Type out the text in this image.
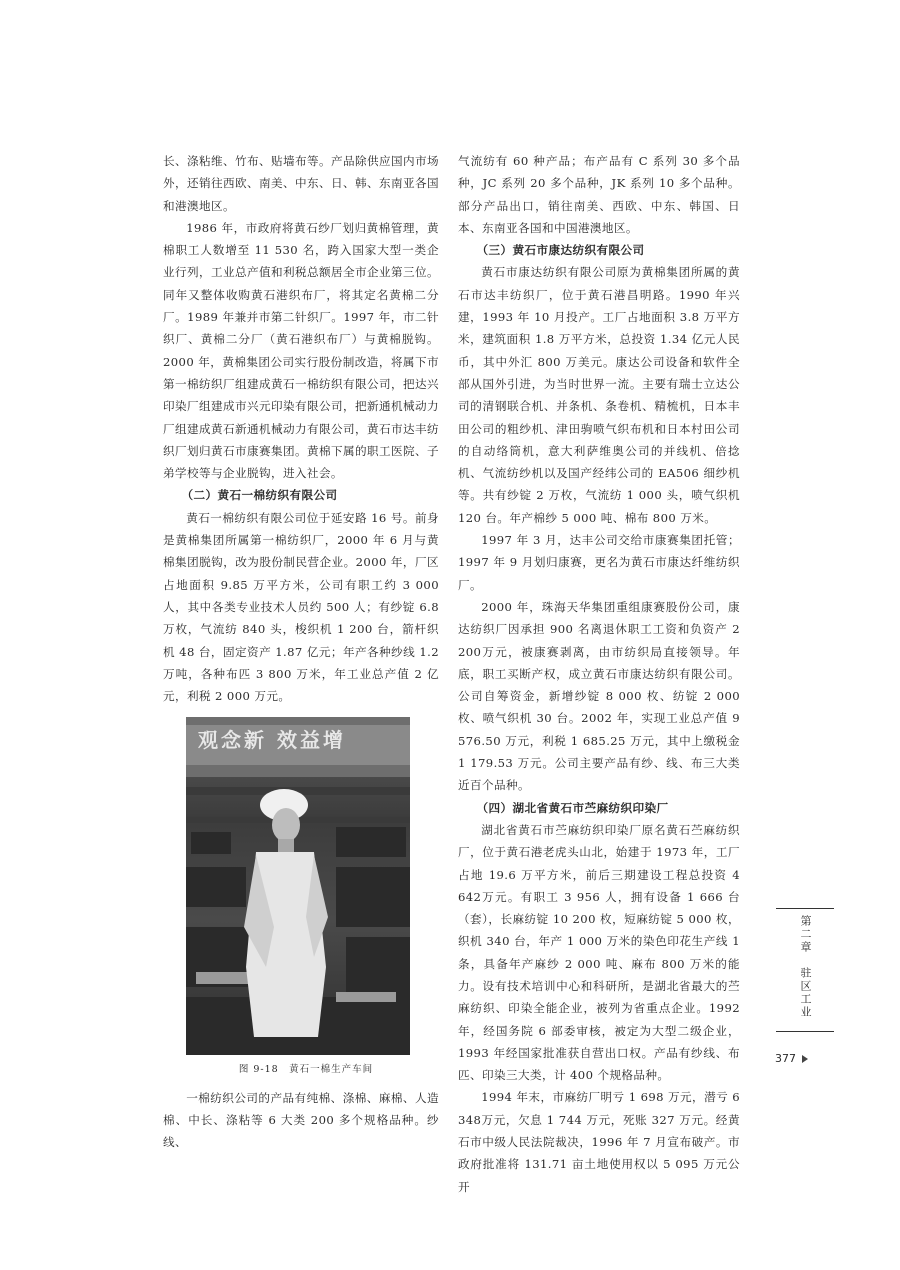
长、涤粘维、竹布、贴墙布等。产品除供应国内市场外，还销往西欧、南美、中东、日、韩、东南亚各国和港澳地区。

1986 年，市政府将黄石纱厂划归黄棉管理，黄棉职工人数增至 11 530 名，跨入国家大型一类企业行列，工业总产值和利税总额居全市企业第三位。同年又整体收购黄石港织布厂，将其定名黄棉二分厂。1989 年兼并市第二针织厂。1997 年，市二针织厂、黄棉二分厂（黄石港织布厂）与黄棉脱钩。2000 年，黄棉集团公司实行股份制改造，将属下市第一棉纺织厂组建成黄石一棉纺织有限公司，把达兴印染厂组建成市兴元印染有限公司，把新通机械动力厂组建成黄石新通机械动力有限公司，黄石市达丰纺织厂划归黄石市康赛集团。黄棉下属的职工医院、子弟学校等与企业脱钩，进入社会。

（二）黄石一棉纺织有限公司

黄石一棉纺织有限公司位于延安路 16 号。前身是黄棉集团所属第一棉纺织厂，2000 年 6 月与黄棉集团脱钩，改为股份制民营企业。2000 年，厂区占地面积 9.85 万平方米，公司有职工约 3 000 人，其中各类专业技术人员约 500 人；有纱锭 6.8 万枚，气流纺 840 头，梭织机 1 200 台，箭杆织机 48 台，固定资产 1.87 亿元；年产各种纱线 1.2 万吨，各种布匹 3 800 万米，年工业总产值 2 亿元，利税 2 000 万元。

观念新 效益增
图 9-18　黄石一棉生产车间

一棉纺织公司的产品有纯棉、涤棉、麻棉、人造棉、中长、涤粘等 6 大类 200 多个规格品种。纱线、

气流纺有 60 种产品；布产品有 C 系列 30 多个品种，JC 系列 20 多个品种，JK 系列 10 多个品种。部分产品出口，销往南美、西欧、中东、韩国、日本、东南亚各国和中国港澳地区。

（三）黄石市康达纺织有限公司

黄石市康达纺织有限公司原为黄棉集团所属的黄石市达丰纺织厂，位于黄石港昌明路。1990 年兴建，1993 年 10 月投产。工厂占地面积 3.8 万平方米，建筑面积 1.8 万平方米，总投资 1.34 亿元人民币，其中外汇 800 万美元。康达公司设备和软件全部从国外引进，为当时世界一流。主要有瑞士立达公司的清钢联合机、并条机、条卷机、精梳机，日本丰田公司的粗纱机、津田驹喷气织布机和日本村田公司的自动络筒机，意大利萨维奥公司的并线机、倍捻机、气流纺纱机以及国产经纬公司的 EA506 细纱机等。共有纱锭 2 万枚，气流纺 1 000 头，喷气织机 120 台。年产棉纱 5 000 吨、棉布 800 万米。

1997 年 3 月，达丰公司交给市康赛集团托管；1997 年 9 月划归康赛，更名为黄石市康达纤维纺织厂。

2000 年，珠海天华集团重组康赛股份公司，康达纺织厂因承担 900 名离退休职工工资和负资产 2 200万元，被康赛剥离，由市纺织局直接领导。年底，职工买断产权，成立黄石市康达纺织有限公司。公司自筹资金，新增纱锭 8 000 枚、纺锭 2 000 枚、喷气织机 30 台。2002 年，实现工业总产值 9 576.50 万元，利税 1 685.25 万元，其中上缴税金 1 179.53 万元。公司主要产品有纱、线、布三大类近百个品种。

（四）湖北省黄石市苎麻纺织印染厂

湖北省黄石市苎麻纺织印染厂原名黄石苎麻纺织厂，位于黄石港老虎头山北，始建于 1973 年，工厂占地 19.6 万平方米，前后三期建设工程总投资 4 642万元。有职工 3 956 人，拥有设备 1 666 台（套），长麻纺锭 10 200 枚，短麻纺锭 5 000 枚，织机 340 台，年产 1 000 万米的染色印花生产线 1 条，具备年产麻纱 2 000 吨、麻布 800 万米的能力。设有技术培训中心和科研所，是湖北省最大的苎麻纺织、印染全能企业，被列为省重点企业。1992 年，经国务院 6 部委审核，被定为大型二级企业，1993 年经国家批准获自营出口权。产品有纱线、布匹、印染三大类，计 400 个规格品种。

1994 年末，市麻纺厂明亏 1 698 万元，潜亏 6 348万元，欠息 1 744 万元，死账 327 万元。经黄石市中级人民法院裁决，1996 年 7 月宣布破产。市政府批准将 131.71 亩土地使用权以 5 095 万元公开

第二章　驻区工业
377
